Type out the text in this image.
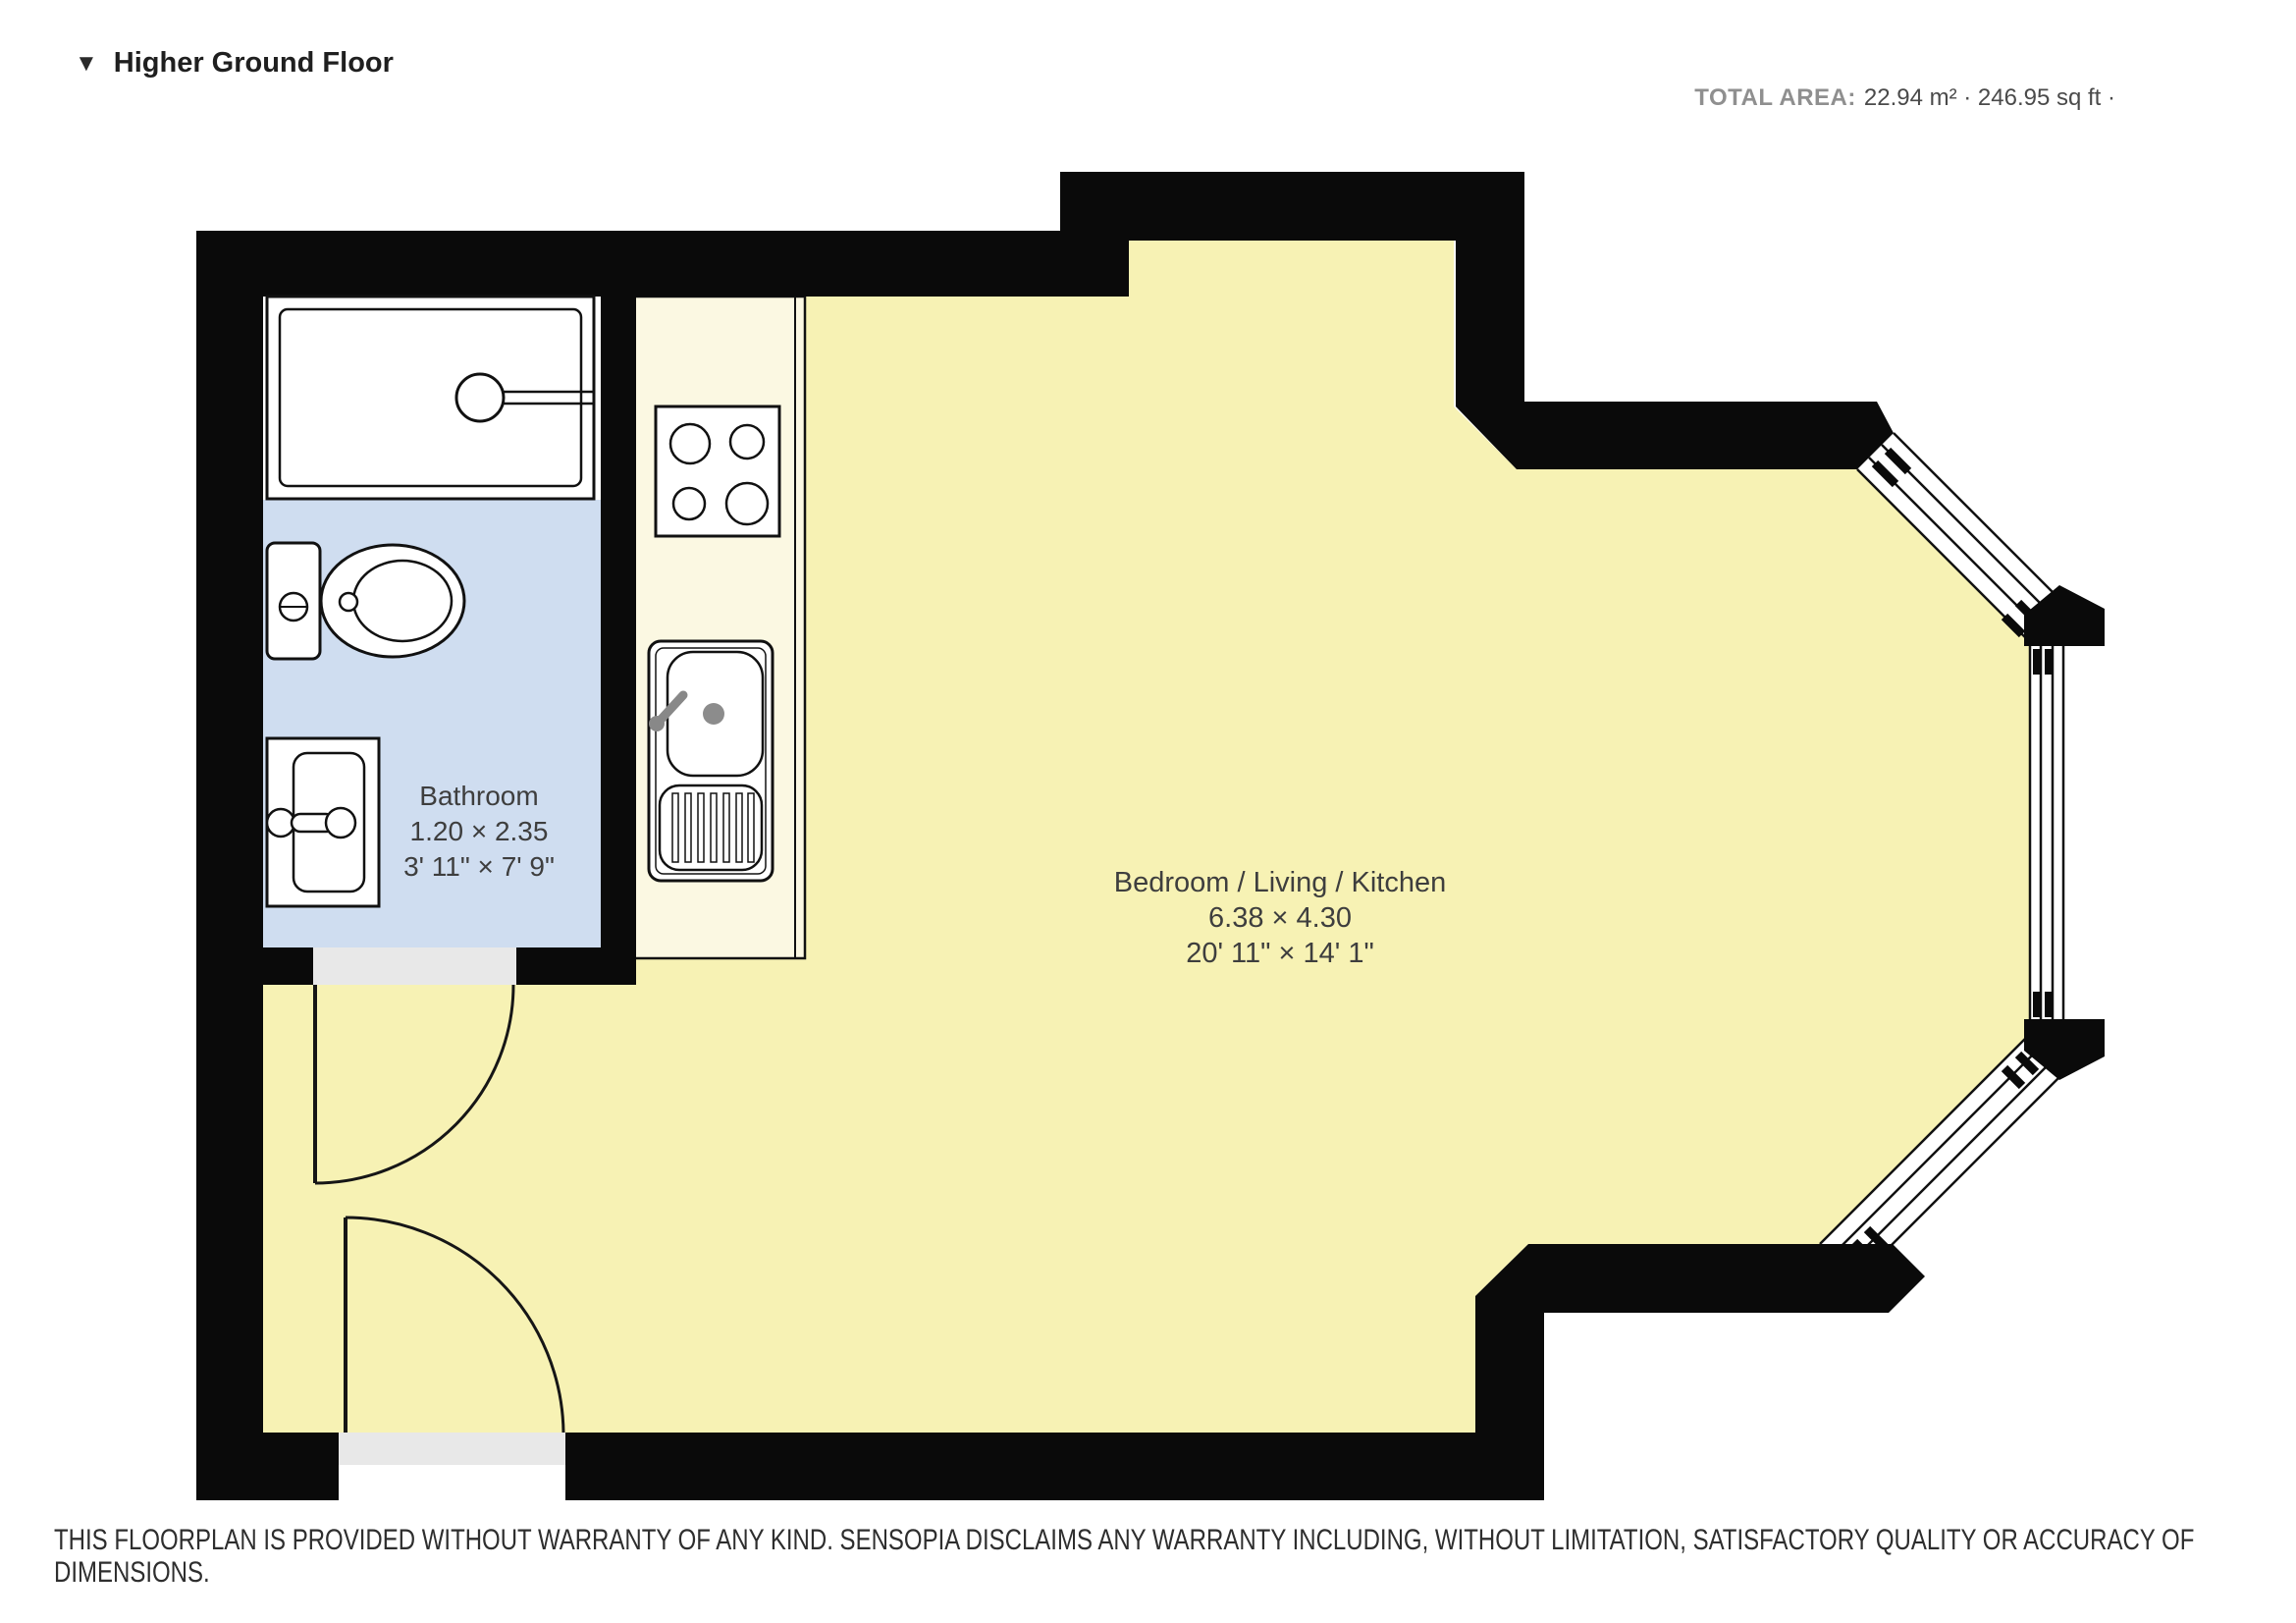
▼ Higher Ground Floor
TOTAL AREA: 22.94 m² · 246.95 sq ft ·
Bathroom
1.20 × 2.35
3' 11" × 7' 9"
Bedroom / Living / Kitchen
6.38 × 4.30
20' 11" × 14' 1"
THIS FLOORPLAN IS PROVIDED WITHOUT WARRANTY OF ANY KIND. SENSOPIA DISCLAIMS ANY WARRANTY INCLUDING, WITHOUT LIMITATION, SATISFACTORY QUALITY OR ACCURACY OF
DIMENSIONS.
